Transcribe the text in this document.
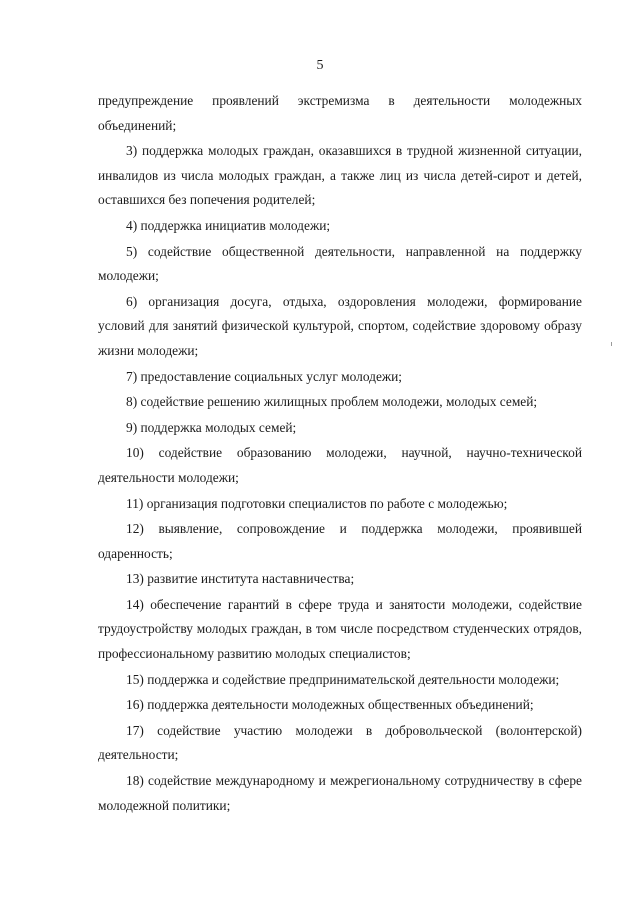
5

предупреждение проявлений экстремизма в деятельности молодежных объединений;

3) поддержка молодых граждан, оказавшихся в трудной жизненной ситуации, инвалидов из числа молодых граждан, а также лиц из числа детей-сирот и детей, оставшихся без попечения родителей;

4) поддержка инициатив молодежи;

5) содействие общественной деятельности, направленной на поддержку молодежи;

6) организация досуга, отдыха, оздоровления молодежи, формирование условий для занятий физической культурой, спортом, содействие здоровому образу жизни молодежи;

7) предоставление социальных услуг молодежи;

8) содействие решению жилищных проблем молодежи, молодых семей;

9) поддержка молодых семей;

10) содействие образованию молодежи, научной, научно-технической деятельности молодежи;

11) организация подготовки специалистов по работе с молодежью;

12) выявление, сопровождение и поддержка молодежи, проявившей одаренность;

13) развитие института наставничества;

14) обеспечение гарантий в сфере труда и занятости молодежи, содействие трудоустройству молодых граждан, в том числе посредством студенческих отрядов, профессиональному развитию молодых специалистов;

15) поддержка и содействие предпринимательской деятельности молодежи;

16) поддержка деятельности молодежных общественных объединений;

17) содействие участию молодежи в добровольческой (волонтерской) деятельности;

18) содействие международному и межрегиональному сотрудничеству в сфере молодежной политики;
